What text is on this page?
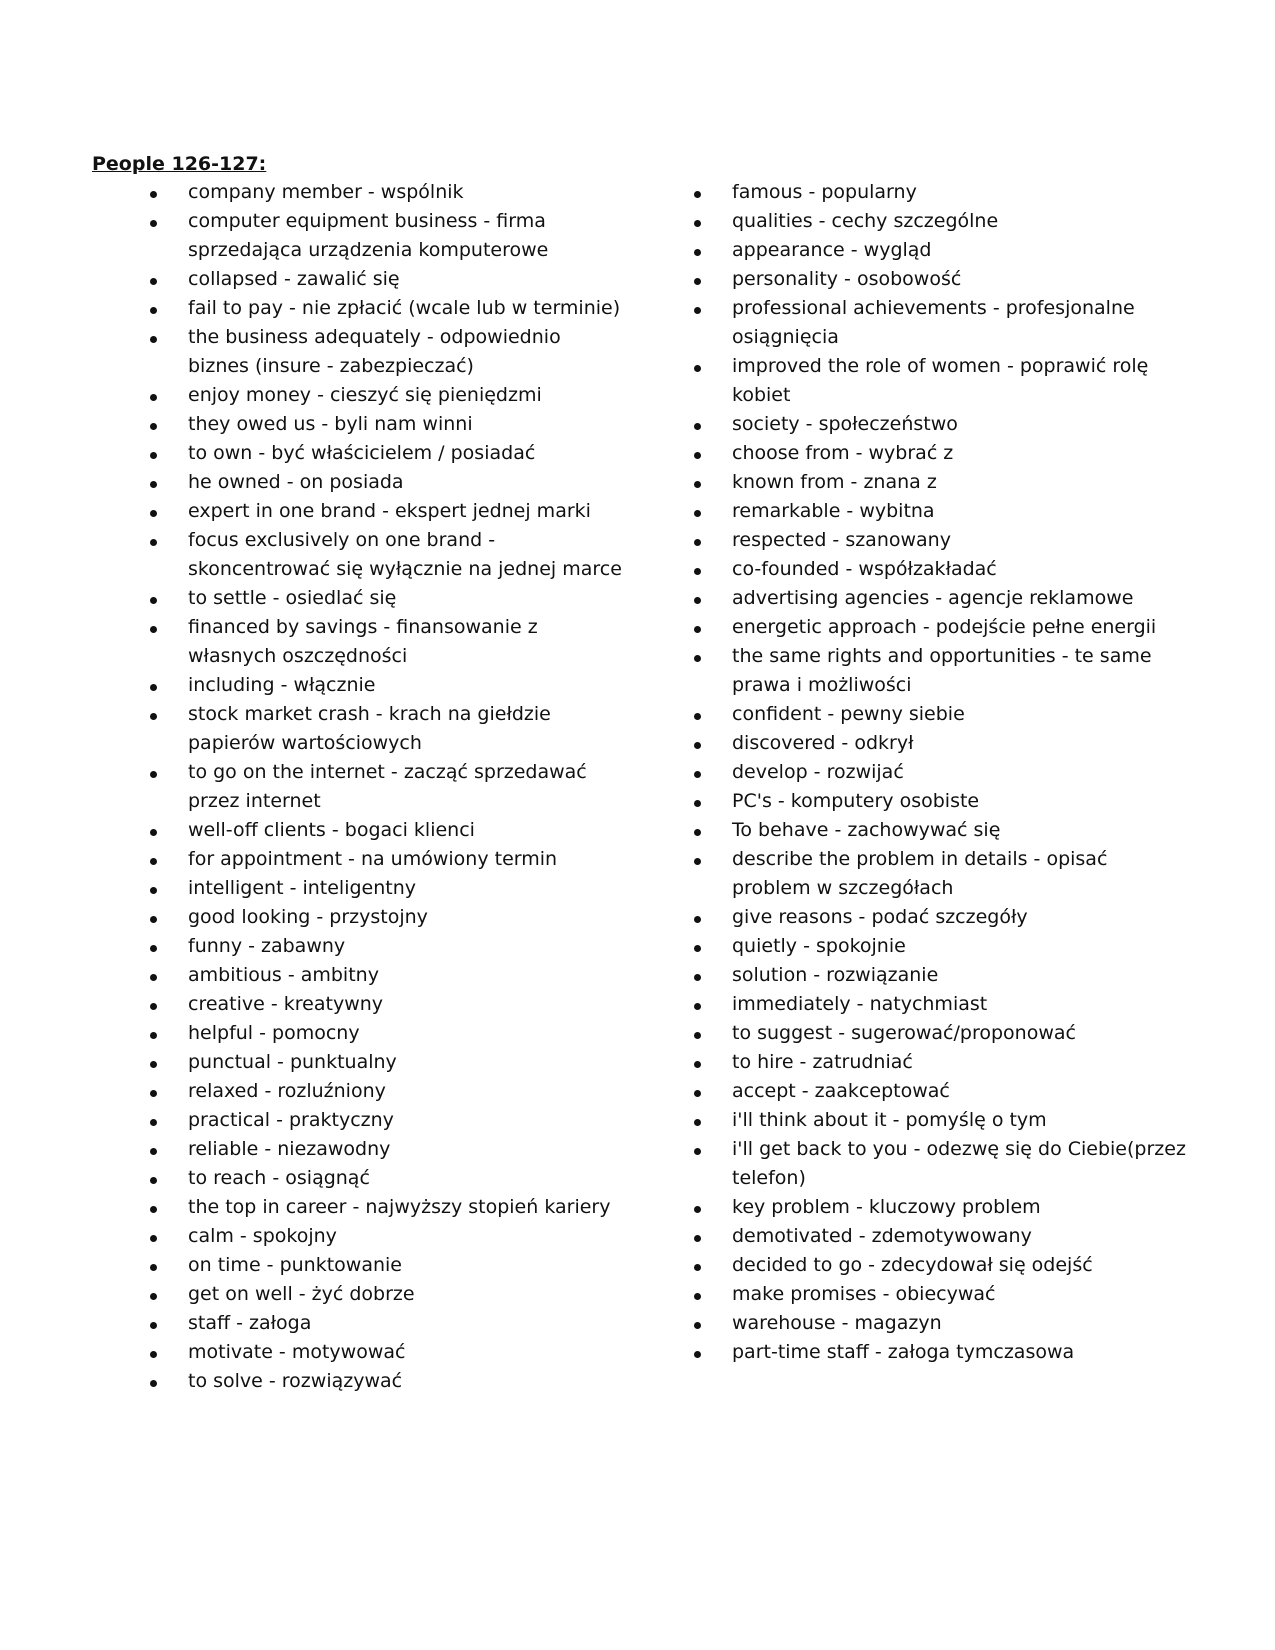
People 126-127:
company member - wspólnik
computer equipment business - firma sprzedająca urządzenia komputerowe
collapsed - zawalić się
fail to pay - nie zpłacić (wcale lub w terminie)
the business adequately - odpowiednio biznes (insure - zabezpieczać)
enjoy money - cieszyć się pieniędzmi
they owed us - byli nam winni
to own - być właścicielem / posiadać
he owned - on posiada
expert in one brand - ekspert jednej marki
focus exclusively on one brand - skoncentrować się wyłącznie na jednej marce
to settle - osiedlać się
financed by savings - finansowanie z własnych oszczędności
including - włącznie
stock market crash - krach na giełdzie papierów wartościowych
to go on the internet - zacząć sprzedawać przez internet
well-off clients - bogaci klienci
for appointment - na umówiony termin
intelligent - inteligentny
good looking - przystojny
funny - zabawny
ambitious - ambitny
creative - kreatywny
helpful - pomocny
punctual - punktualny
relaxed - rozluźniony
practical - praktyczny
reliable - niezawodny
to reach - osiągnąć
the top in career - najwyższy stopień kariery
calm - spokojny
on time - punktowanie
get on well - żyć dobrze
staff - załoga
motivate - motywować
to solve - rozwiązywać
famous - popularny
qualities - cechy szczególne
appearance - wygląd
personality - osobowość
professional achievements - profesjonalne osiągnięcia
improved the role of women - poprawić rolę kobiet
society - społeczeństwo
choose from - wybrać z
known from - znana z
remarkable - wybitna
respected - szanowany
co-founded - współzakładać
advertising agencies - agencje reklamowe
energetic approach - podejście pełne energii
the same rights and opportunities - te same prawa i możliwości
confident - pewny siebie
discovered - odkrył
develop - rozwijać
PC's - komputery osobiste
To behave - zachowywać się
describe the problem in details - opisać problem w szczegółach
give reasons - podać szczegóły
quietly - spokojnie
solution - rozwiązanie
immediately - natychmiast
to suggest - sugerować/proponować
to hire - zatrudniać
accept - zaakceptować
i'll think about it - pomyślę o tym
i'll get back to you - odezwę się do Ciebie(przez telefon)
key problem - kluczowy problem
demotivated - zdemotywowany
decided to go - zdecydował się odejść
make promises - obiecywać
warehouse - magazyn
part-time staff - załoga tymczasowa
